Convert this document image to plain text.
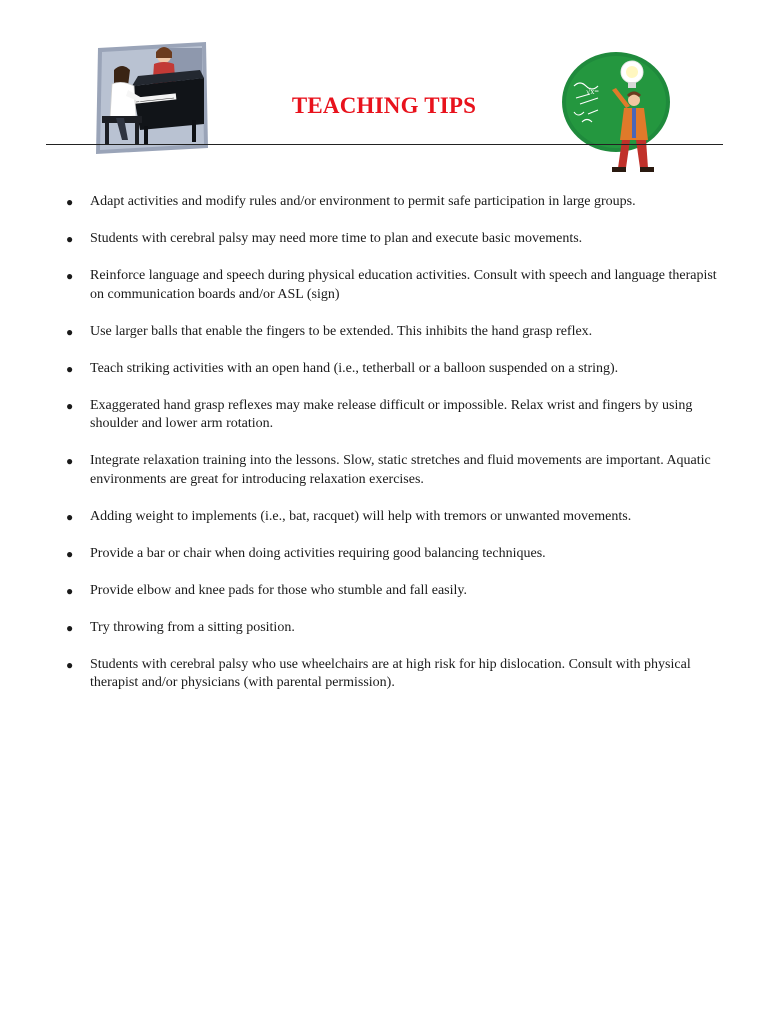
TEACHING TIPS
√x=
● Adapt activities and modify rules and/or environment to permit safe participation in large groups.
● Students with cerebral palsy may need more time to plan and execute basic movements.
● Reinforce language and speech during physical education activities. Consult with speech and language therapist on communication boards and/or ASL (sign)
● Use larger balls that enable the fingers to be extended. This inhibits the hand grasp reflex.
● Teach striking activities with an open hand (i.e., tetherball or a balloon suspended on a string).
● Exaggerated hand grasp reflexes may make release difficult or impossible. Relax wrist and fingers by using shoulder and lower arm rotation.
● Integrate relaxation training into the lessons. Slow, static stretches and fluid movements are important. Aquatic environments are great for introducing relaxation exercises.
● Adding weight to implements (i.e., bat, racquet) will help with tremors or unwanted movements.
● Provide a bar or chair when doing activities requiring good balancing techniques.
● Provide elbow and knee pads for those who stumble and fall easily.
● Try throwing from a sitting position.
● Students with cerebral palsy who use wheelchairs are at high risk for hip dislocation. Consult with physical therapist and/or physicians (with parental permission).
